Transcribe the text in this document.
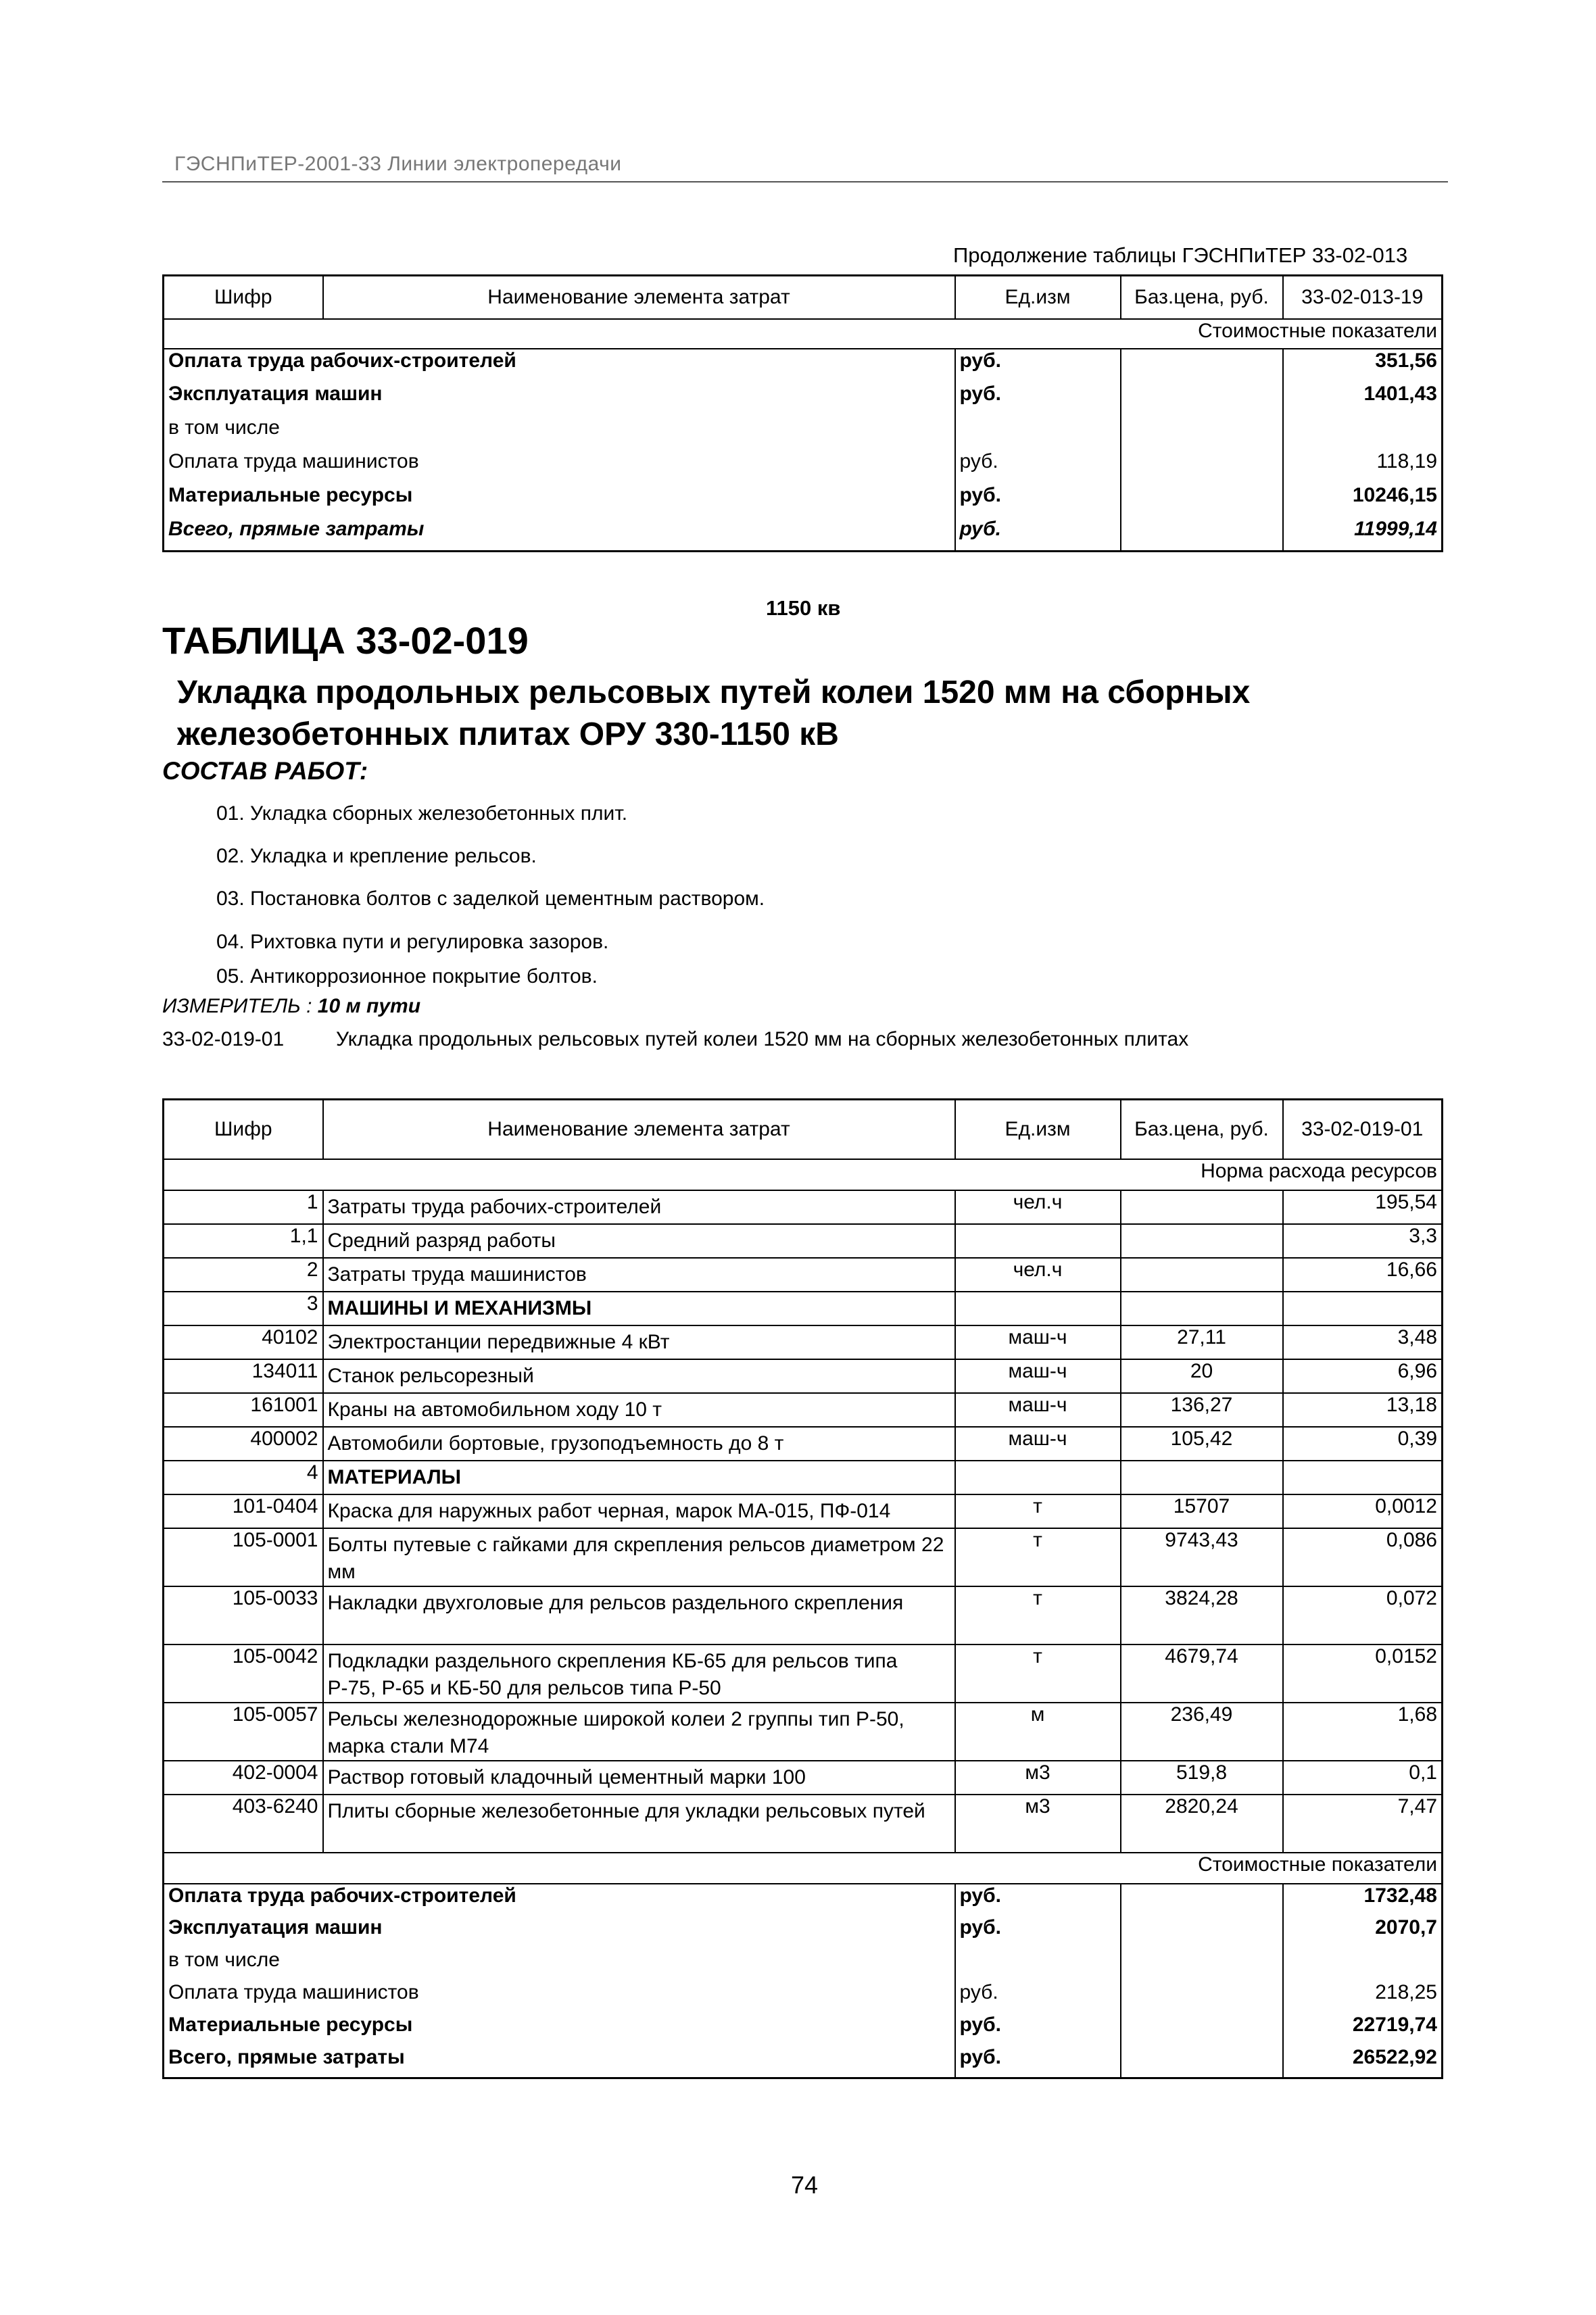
ГЭСНПиТЕР-2001-33 Линии электропередачи
Продолжение таблицы ГЭСНПиТЕР 33-02-013
Шифр	Наименование элемента затрат	Ед.изм	Баз.цена, руб.	33-02-013-19
Стоимостные показатели				
Оплата труда рабочих-строителей		руб.		351,56
Эксплуатация машин		руб.		1401,43
в том числе				
Оплата труда машинистов		руб.		118,19
Материальные ресурсы		руб.		10246,15
Всего, прямые затраты		руб.		11999,14
1150 кв
ТАБЛИЦА 33-02-019
Укладка продольных рельсовых путей колеи 1520 мм на сборных железобетонных плитах ОРУ 330-1150 кВ
СОСТАВ РАБОТ:
01. Укладка сборных железобетонных плит.
02. Укладка и крепление рельсов.
03. Постановка болтов с заделкой цементным раствором.
04. Рихтовка пути и регулировка зазоров.
05. Антикоррозионное покрытие болтов.
ИЗМЕРИТЕЛЬ : 10 м пути
33-02-019-01	Укладка продольных рельсовых путей колеи 1520 мм на сборных железобетонных плитах
Шифр	Наименование элемента затрат	Ед.изм	Баз.цена, руб.	33-02-019-01
Норма расхода ресурсов				
1	Затраты труда рабочих-строителей	чел.ч		195,54
1,1	Средний разряд работы			3,3
2	Затраты труда машинистов	чел.ч		16,66
3	МАШИНЫ И МЕХАНИЗМЫ			
40102	Электростанции передвижные 4 кВт	маш-ч	27,11	3,48
134011	Станок рельсорезный	маш-ч	20	6,96
161001	Краны на автомобильном ходу 10 т	маш-ч	136,27	13,18
400002	Автомобили бортовые, грузоподъемность до 8 т	маш-ч	105,42	0,39
4	МАТЕРИАЛЫ			
101-0404	Краска для наружных работ черная, марок МА-015, ПФ-014	т	15707	0,0012
105-0001	Болты путевые с гайками для скрепления рельсов диаметром 22 мм	т	9743,43	0,086
105-0033	Накладки двухголовые для рельсов раздельного скрепления	т	3824,28	0,072
105-0042	Подкладки раздельного скрепления КБ-65 для рельсов типа Р-75, Р-65 и КБ-50 для рельсов типа Р-50	т	4679,74	0,0152
105-0057	Рельсы железнодорожные широкой колеи 2 группы тип Р-50, марка стали М74	м	236,49	1,68
402-0004	Раствор готовый кладочный цементный марки 100	м3	519,8	0,1
403-6240	Плиты сборные железобетонные для укладки рельсовых путей	м3	2820,24	7,47
Стоимостные показатели				
Оплата труда рабочих-строителей		руб.		1732,48
Эксплуатация машин		руб.		2070,7
в том числе				
Оплата труда машинистов		руб.		218,25
Материальные ресурсы		руб.		22719,74
Всего, прямые затраты		руб.		26522,92
74
